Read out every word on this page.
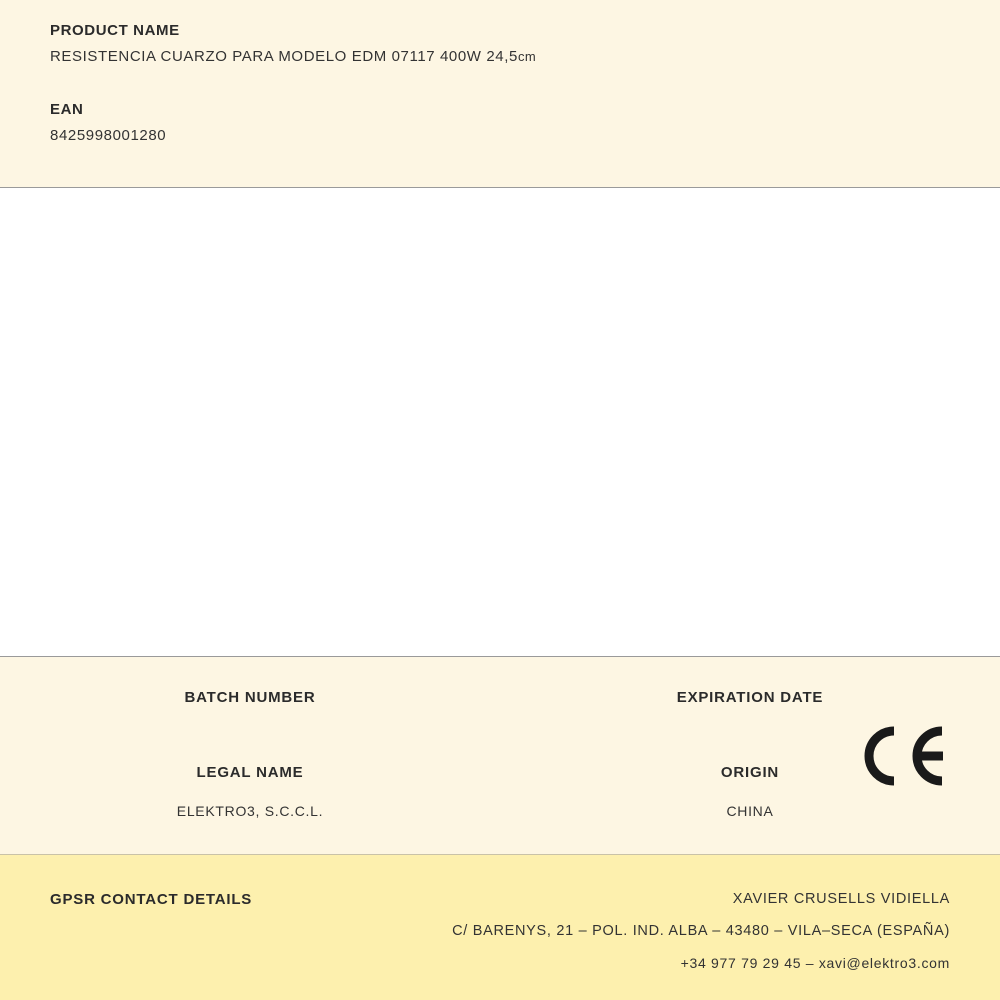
PRODUCT NAME

RESISTENCIA CUARZO PARA MODELO EDM 07117 400W 24,5cm

EAN

8425998001280

BATCH NUMBER	EXPIRATION DATE

LEGAL NAME

ELEKTRO3, S.C.C.L.

ORIGIN

CHINA

GPSR CONTACT DETAILS	XAVIER CRUSELLS VIDIELLA

C/ BARENYS, 21 – POL. IND. ALBA – 43480 – VILA–SECA (ESPAÑA)

+34 977 79 29 45 – xavi@elektro3.com
